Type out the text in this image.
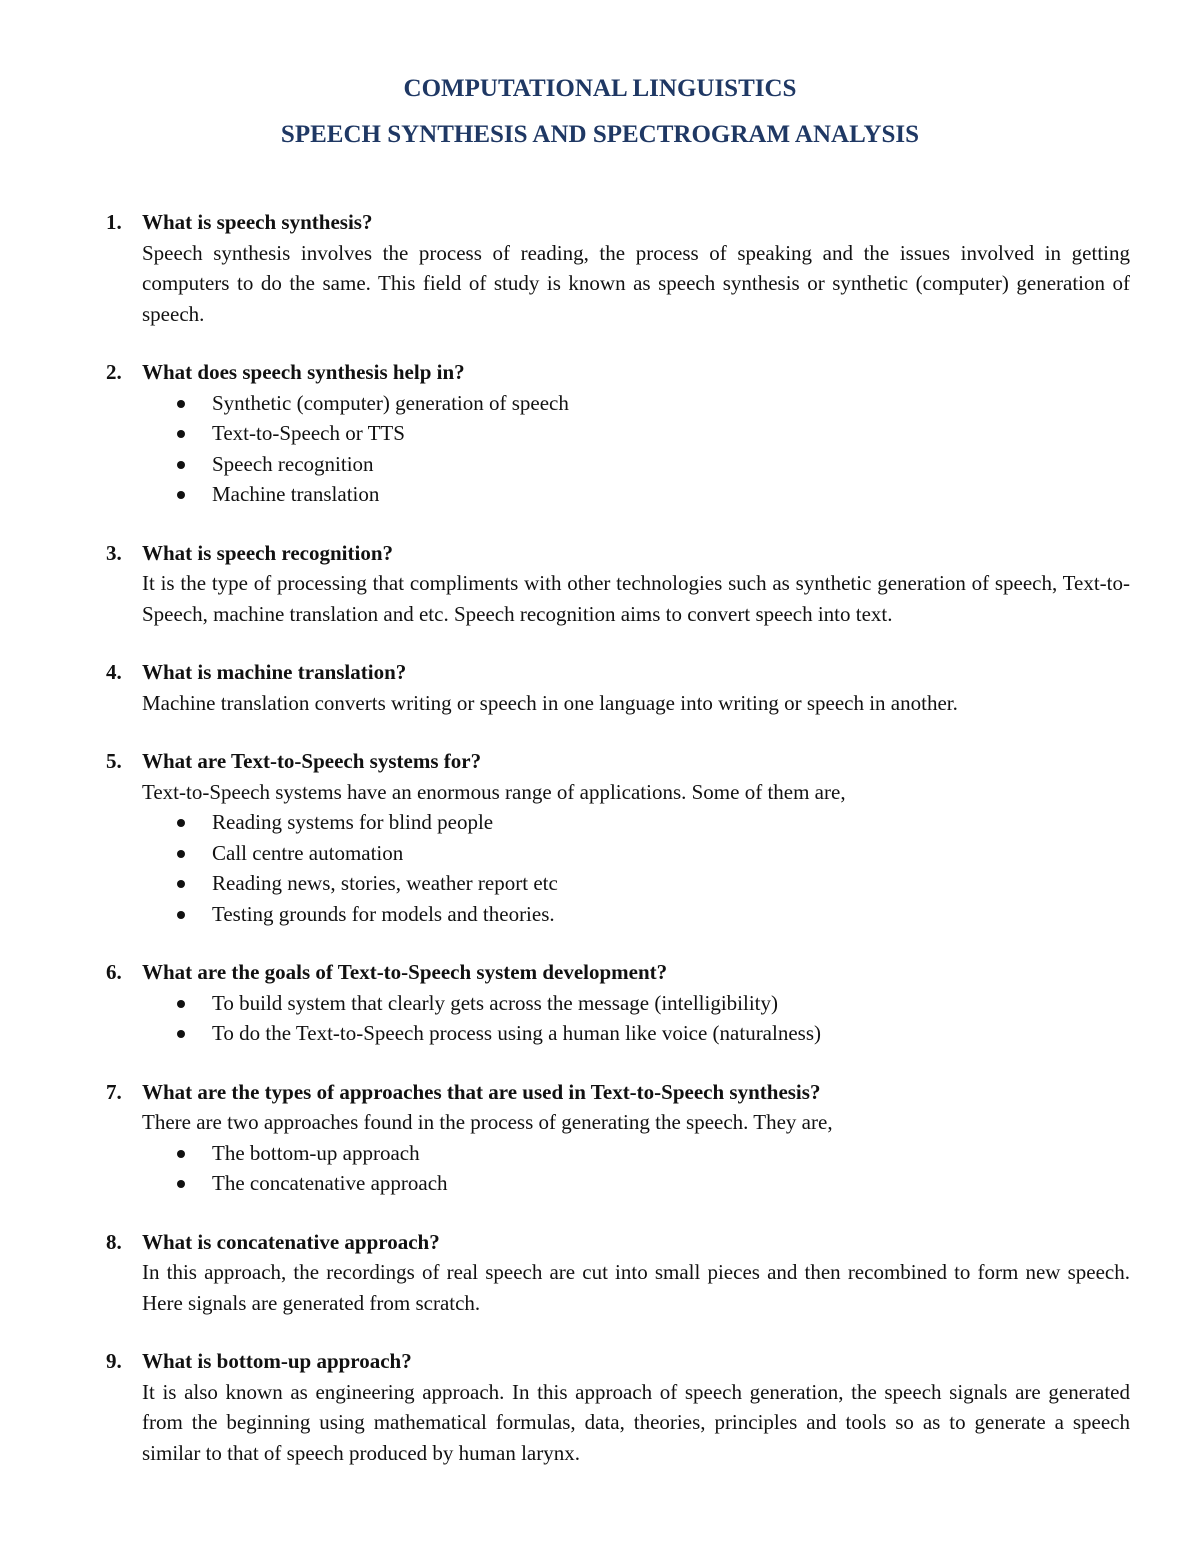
COMPUTATIONAL LINGUISTICS
SPEECH SYNTHESIS AND SPECTROGRAM ANALYSIS
1. What is speech synthesis?

Speech synthesis involves the process of reading, the process of speaking and the issues involved in getting computers to do the same. This field of study is known as speech synthesis or synthetic (computer) generation of speech.

2. What does speech synthesis help in?

Synthetic (computer) generation of speech
Text-to-Speech or TTS
Speech recognition
Machine translation
3. What is speech recognition?

It is the type of processing that compliments with other technologies such as synthetic generation of speech, Text-to-Speech, machine translation and etc. Speech recognition aims to convert speech into text.

4. What is machine translation?

Machine translation converts writing or speech in one language into writing or speech in another.

5. What are Text-to-Speech systems for?

Text-to-Speech systems have an enormous range of applications. Some of them are,

Reading systems for blind people
Call centre automation
Reading news, stories, weather report etc
Testing grounds for models and theories.
6. What are the goals of Text-to-Speech system development?

To build system that clearly gets across the message (intelligibility)
To do the Text-to-Speech process using a human like voice (naturalness)
7. What are the types of approaches that are used in Text-to-Speech synthesis?

There are two approaches found in the process of generating the speech. They are,

The bottom-up approach
The concatenative approach
8. What is concatenative approach?

In this approach, the recordings of real speech are cut into small pieces and then recombined to form new speech. Here signals are generated from scratch.

9. What is bottom-up approach?

It is also known as engineering approach. In this approach of speech generation, the speech signals are generated from the beginning using mathematical formulas, data, theories, principles and tools so as to generate a speech similar to that of speech produced by human larynx.
